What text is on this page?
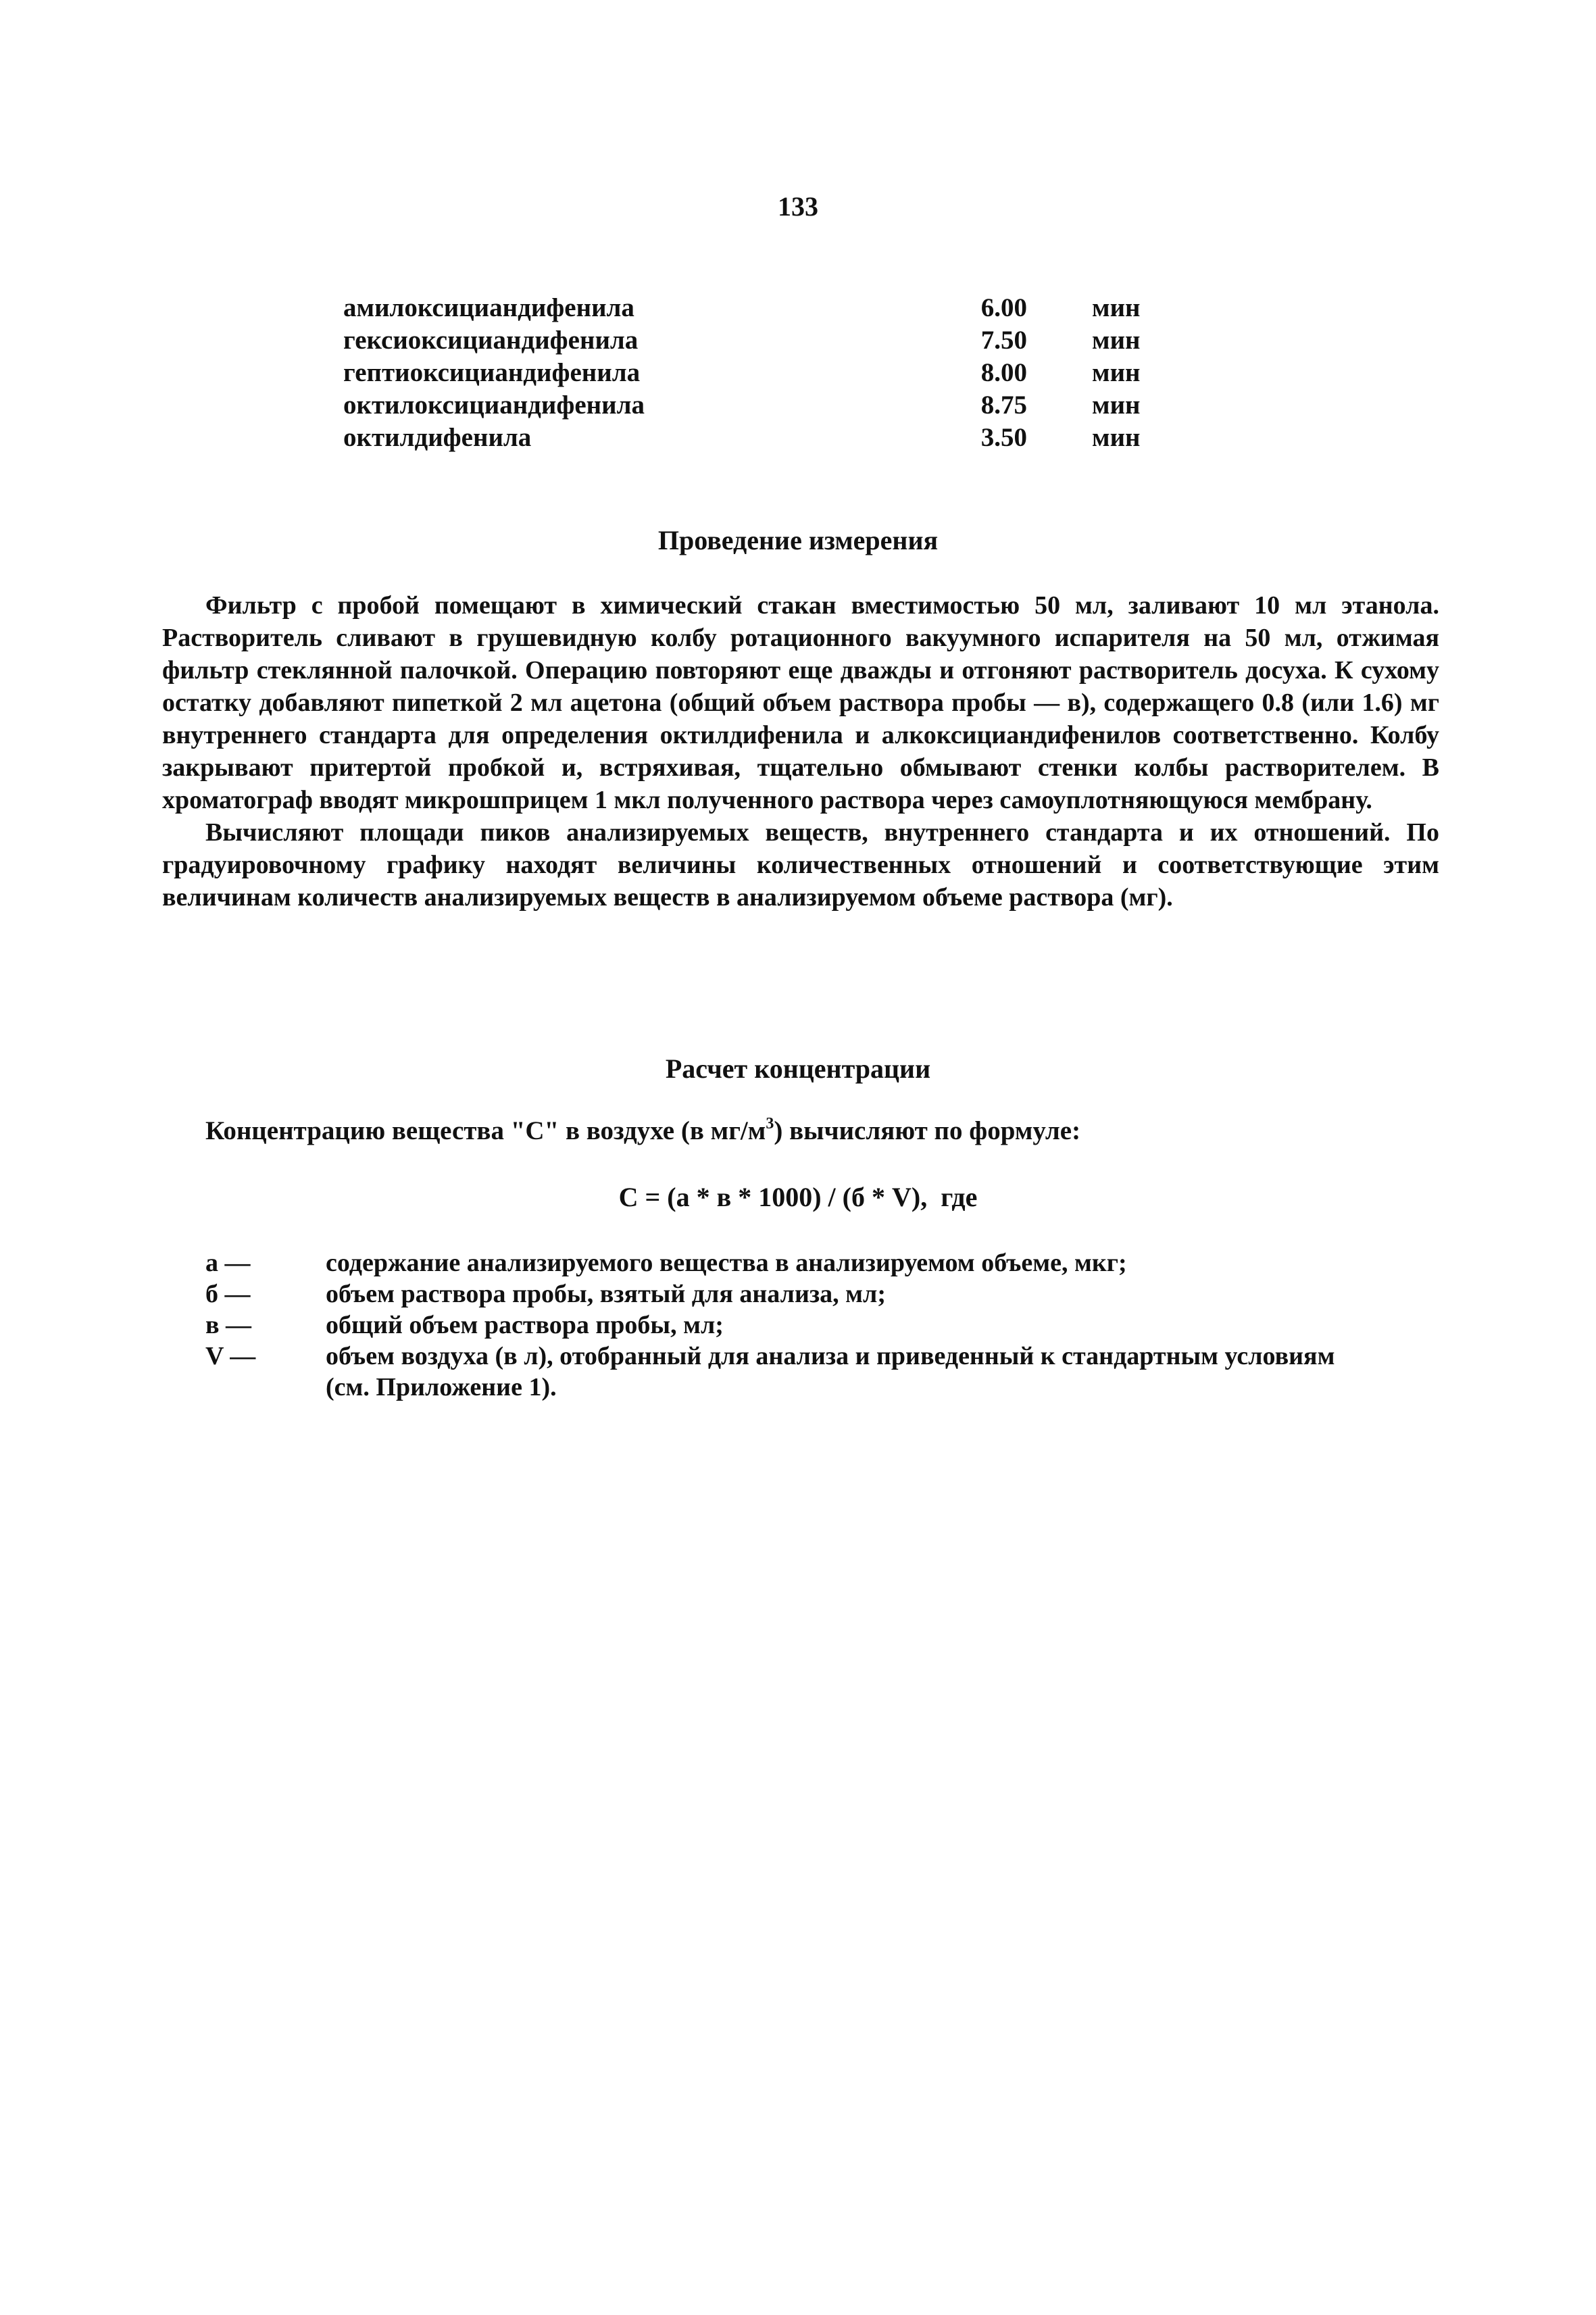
133
амилоксициандифенила	6.00 мин
гексиоксициандифенила	7.50 мин
гептиоксициандифенила	8.00 мин
октилоксициандифенила	8.75 мин
октилдифенила	3.50 мин
Проведение измерения

Фильтр с пробой помещают в химический стакан вместимостью 50 мл, заливают 10 мл этанола. Растворитель сливают в грушевидную колбу ротационного вакуумного испарителя на 50 мл, отжимая фильтр стеклянной палочкой. Операцию повторяют еще дважды и отгоняют растворитель досуха. К сухому остатку добавляют пипеткой 2 мл ацетона (общий объем раствора пробы — в), содержащего 0.8 (или 1.6) мг внутреннего стандарта для определения октилдифенила и алкоксициандифенилов соответственно. Колбу закрывают притертой пробкой и, встряхивая, тщательно обмывают стенки колбы растворителем. В хроматограф вводят микрошприцем 1 мкл полученного раствора через самоуплотняющуюся мембрану.

Вычисляют площади пиков анализируемых веществ, внутреннего стандарта и их отношений. По градуировочному графику находят величины количественных отношений и соответствующие этим величинам количеств анализируемых веществ в анализируемом объеме раствора (мг).

Расчет концентрации
Концентрацию вещества "С" в воздухе (в $мг/м^3$) вычисляют по формуле:
С = (а * в * 1000) / (б * V), где
а —	содержание анализируемого вещества в анализируемом объеме, мкг;
б —	объем раствора пробы, взятый для анализа, мл;
в —	общий объем раствора пробы, мл;
V —	объем воздуха (в л), отобранный для анализа и приведенный к стандартным условиям (см. Приложение 1).
